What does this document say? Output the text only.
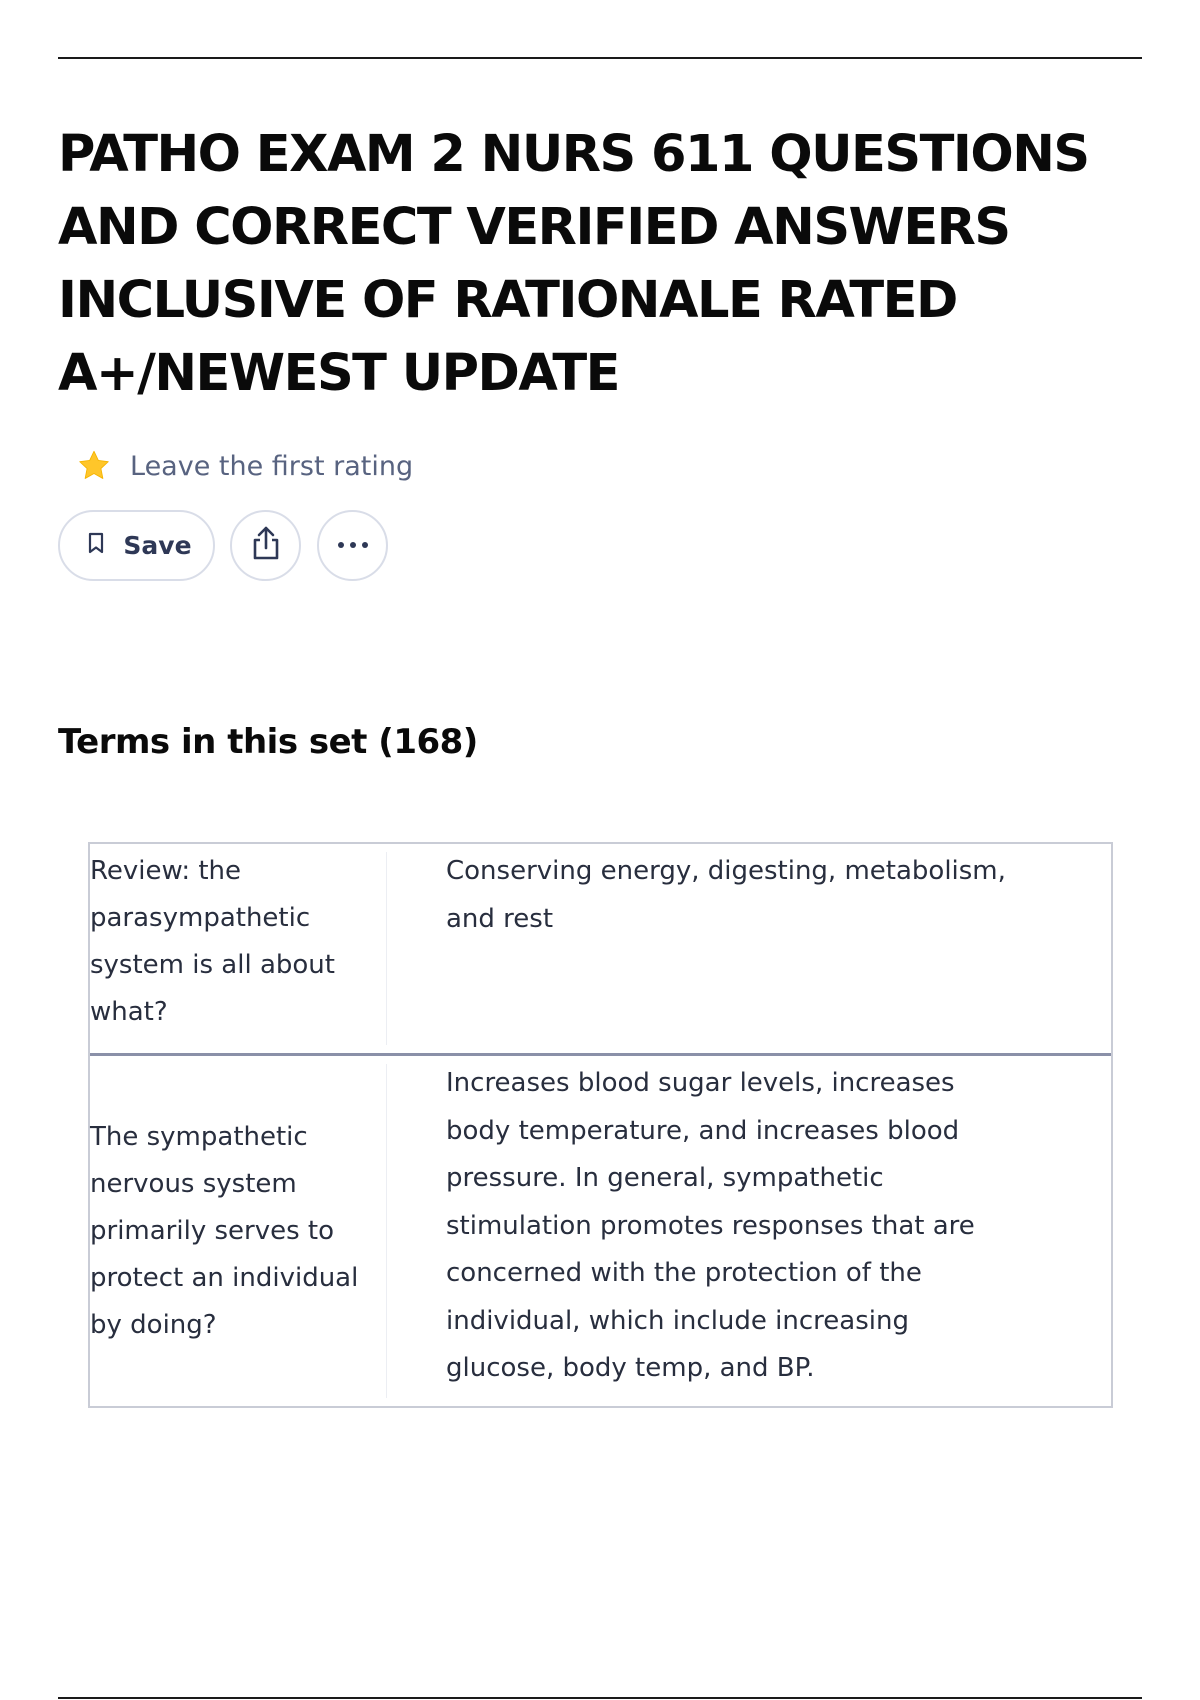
PATHO EXAM 2 NURS 611 QUESTIONS AND CORRECT VERIFIED ANSWERS INCLUSIVE OF RATIONALE RATED A+/NEWEST UPDATE
Leave the first rating
Save
Terms in this set (168)
Review: the parasympathetic system is all about what?
Conserving energy, digesting, metabolism, and rest
The sympathetic nervous system primarily serves to protect an individual by doing?
Increases blood sugar levels, increases body temperature, and increases blood pressure. In general, sympathetic stimulation promotes responses that are concerned with the protection of the individual, which include increasing glucose, body temp, and BP.
